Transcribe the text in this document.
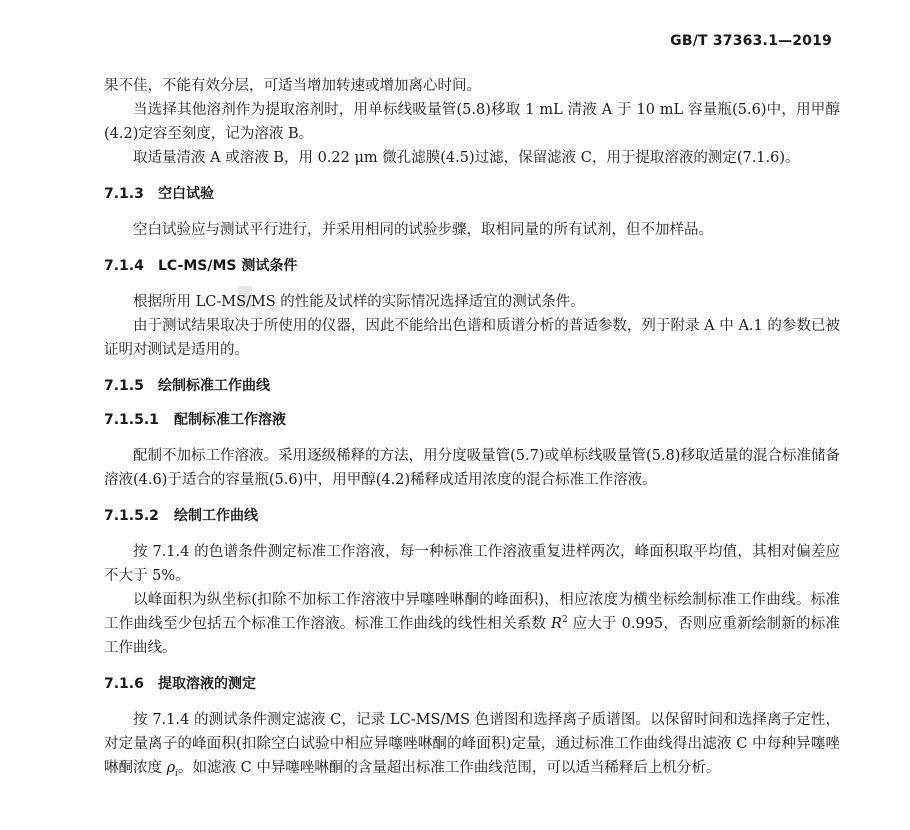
GB/T 37363.1—2019

果不佳，不能有效分层，可适当增加转速或增加离心时间。

当选择其他溶剂作为提取溶剂时，用单标线吸量管(5.8)移取 1 mL 清液 A 于 10 mL 容量瓶(5.6)中，用甲醇(4.2)定容至刻度，记为溶液 B。

取适量清液 A 或溶液 B，用 0.22 μm 微孔滤膜(4.5)过滤，保留滤液 C，用于提取溶液的测定(7.1.6)。

7.1.3 空白试验

空白试验应与测试平行进行，并采用相同的试验步骤，取相同量的所有试剂，但不加样品。

7.1.4 LC-MS/MS 测试条件

根据所用 LC-MS/MS 的性能及试样的实际情况选择适宜的测试条件。

由于测试结果取决于所使用的仪器，因此不能给出色谱和质谱分析的普适参数，列于附录 A 中 A.1 的参数已被证明对测试是适用的。

7.1.5 绘制标准工作曲线
7.1.5.1 配制标准工作溶液

配制不加标工作溶液。采用逐级稀释的方法，用分度吸量管(5.7)或单标线吸量管(5.8)移取适量的混合标准储备溶液(4.6)于适合的容量瓶(5.6)中，用甲醇(4.2)稀释成适用浓度的混合标准工作溶液。

7.1.5.2 绘制工作曲线

按 7.1.4 的色谱条件测定标准工作溶液，每一种标准工作溶液重复进样两次，峰面积取平均值，其相对偏差应不大于 5%。

以峰面积为纵坐标(扣除不加标工作溶液中异噻唑啉酮的峰面积)，相应浓度为横坐标绘制标准工作曲线。标准工作曲线至少包括五个标准工作溶液。标准工作曲线的线性相关系数 $R^2$ 应大于 0.995，否则应重新绘制新的标准工作曲线。

7.1.6 提取溶液的测定

按 7.1.4 的测试条件测定滤液 C，记录 LC-MS/MS 色谱图和选择离子质谱图。以保留时间和选择离子定性，对定量离子的峰面积(扣除空白试验中相应异噻唑啉酮的峰面积)定量，通过标准工作曲线得出滤液 C 中每种异噻唑啉酮浓度 $\rho_i$。如滤液 C 中异噻唑啉酮的含量超出标准工作曲线范围，可以适当稀释后上机分析。
